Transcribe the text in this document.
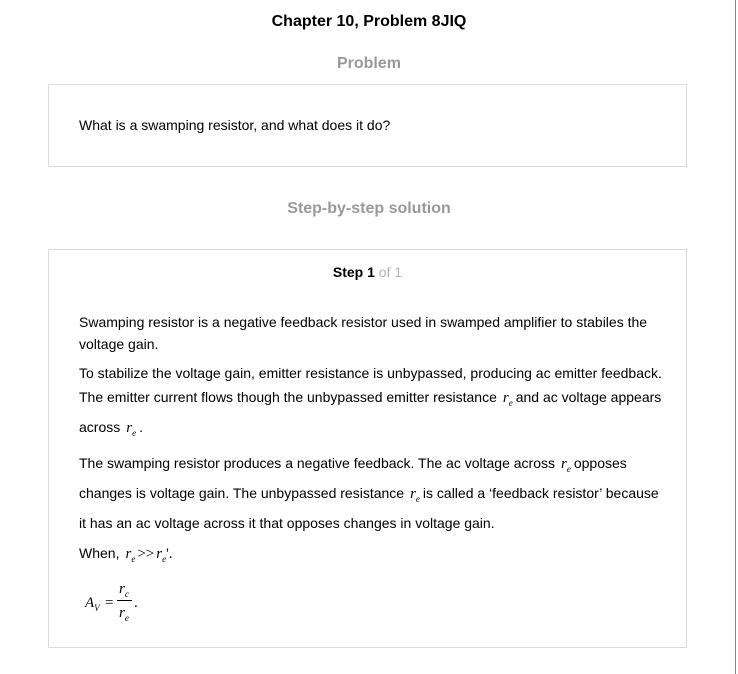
Chapter 10, Problem 8JIQ
Problem
What is a swamping resistor, and what does it do?
Step-by-step solution
Step 1 of 1

Swamping resistor is a negative feedback resistor used in swamped amplifier to stabiles the voltage gain.

To stabilize the voltage gain, emitter resistance is unbypassed, producing ac emitter feedback. The emitter current flows though the unbypassed emitter resistance $r_e$ and ac voltage appears across $r_e$ .

The swamping resistor produces a negative feedback. The ac voltage across $r_e$ opposes changes is voltage gain. The unbypassed resistance $r_e$ is called a ‘feedback resistor’ because it has an ac voltage across it that opposes changes in voltage gain.

When, $r_e >> r_e'$.

$A_V$ =
$r_c$
$r_e$
.
